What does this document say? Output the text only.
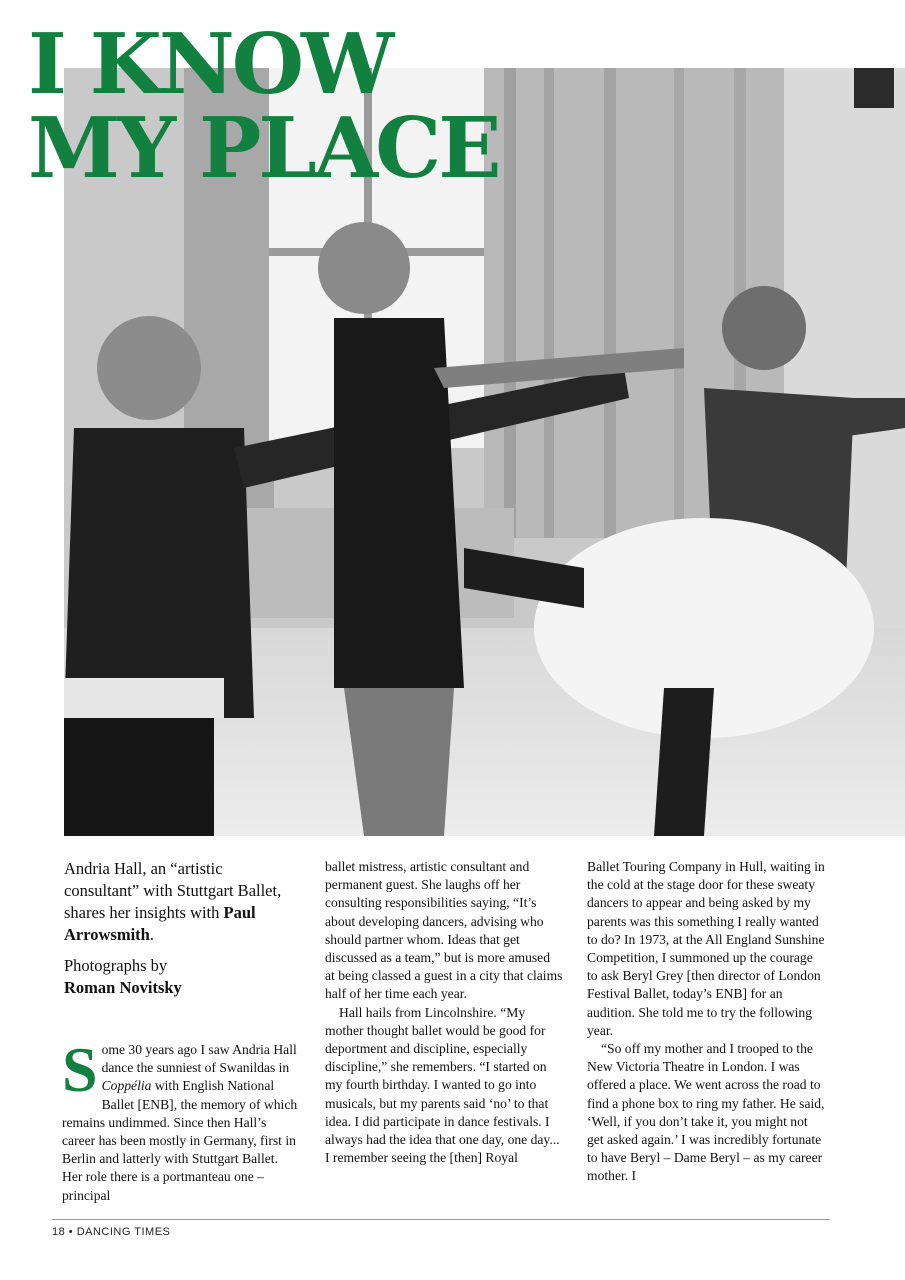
I KNOW
MY PLACE

Andria Hall, an “artistic consultant” with Stuttgart Ballet, shares her insights with Paul Arrowsmith.

Photographs by
Roman Novitsky

Some 30 years ago I saw Andria Hall dance the sunniest of Swanildas in Coppélia with English National Ballet [ENB], the memory of which remains undimmed. Since then Hall’s career has been mostly in Germany, first in Berlin and latterly with Stuttgart Ballet. Her role there is a portmanteau one – principal

ballet mistress, artistic consultant and permanent guest. She laughs off her consulting responsibilities saying, “It’s about developing dancers, advising who should partner whom. Ideas that get discussed as a team,” but is more amused at being classed a guest in a city that claims half of her time each year.

Hall hails from Lincolnshire. “My mother thought ballet would be good for deportment and discipline, especially discipline,” she remembers. “I started on my fourth birthday. I wanted to go into musicals, but my parents said ‘no’ to that idea. I did participate in dance festivals. I always had the idea that one day, one day... I remember seeing the [then] Royal

Ballet Touring Company in Hull, waiting in the cold at the stage door for these sweaty dancers to appear and being asked by my parents was this something I really wanted to do? In 1973, at the All England Sunshine Competition, I summoned up the courage to ask Beryl Grey [then director of London Festival Ballet, today’s ENB] for an audition. She told me to try the following year.

“So off my mother and I trooped to the New Victoria Theatre in London. I was offered a place. We went across the road to find a phone box to ring my father. He said, ‘Well, if you don’t take it, you might not get asked again.’ I was incredibly fortunate to have Beryl – Dame Beryl – as my career mother. I

18 • DANCING TIMES
